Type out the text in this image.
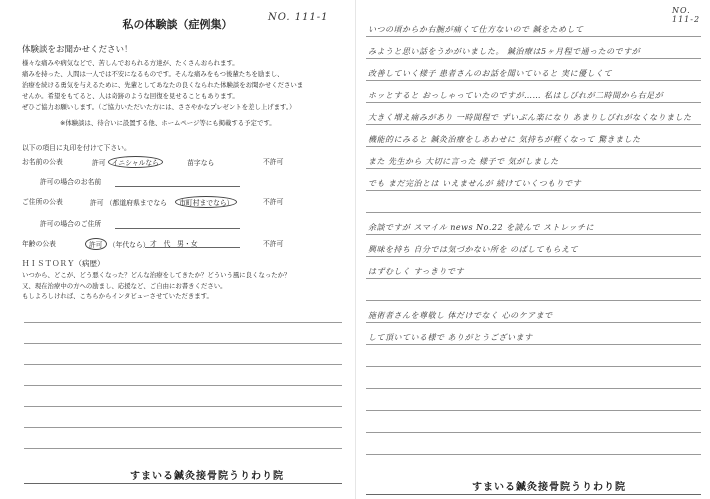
NO. 111-1
私の体験談（症例集）
体験談をお聞かせください！
様々な痛みや病気などで、苦しんでおられる方達が、たくさんおられます。
痛みを持った、人間は一人では不安になるものです。そんな痛みをもつ後輩たちを励まし、
治療を続ける勇気を与えるために、先輩としてあなたの良くなられた体験談をお聞かせくださいま
せんか。希望をもてると、人は奇跡のような回復を見せることもあります。
ぜひご協力お願いします。（ご協力いただいた方には、ささやかなプレゼントを差し上げます。）
※体験談は、待合いに設置する他、ホームページ等にも掲載する予定です。
以下の項目に丸印を付けて下さい。
お名前の公表	許可 イニシャルなら	苗字なら	不許可
許可の場合のお名前
ご住所の公表	許可 （都道府県までなら 市町村までなら）	不許可
許可の場合のご住所
年齢の公表	許可 （年代なら） 才　代　男・女	不許可
ＨＩＳＴＯＲＹ（病歴）
いつから、どこが、どう悪くなった？どんな治療をしてきたか？どういう風に良くなったか？
又、現在治療中の方への励まし、応援など、ご自由にお書きください。
もしよろしければ、こちらからインタビューさせていただきます。
すまいる鍼灸接骨院うりわり院
NO. 111-2
いつの頃からか右腕が痛くて仕方ないので 鍼をためして
みようと思い話をうかがいました。 鍼治療は5ヶ月程で通ったのですが
改善していく様子 患者さんのお話を聞いていると 実に優しくて
ホッとすると おっしゃっていたのですが…… 私はしびれが二時間から右足が
大きく増え痛みがあり 一時間程で ずいぶん楽になり あまりしびれがなくなりました
機能的にみると 鍼灸治療をしあわせに 気持ちが軽くなって 驚きました
また 先生から 大切に言った 様子で 気がしました
でも まだ完治とは いえませんが 続けていくつもりです
余談ですが スマイル news No.22 を読んで ストレッチに
興味を持ち 自分では気づかない所を のばしてもらえて
はずむしく すっきりです
施術者さんを尊敬し 体だけでなく 心のケアまで
して頂いている様で ありがとうございます
すまいる鍼灸接骨院うりわり院
